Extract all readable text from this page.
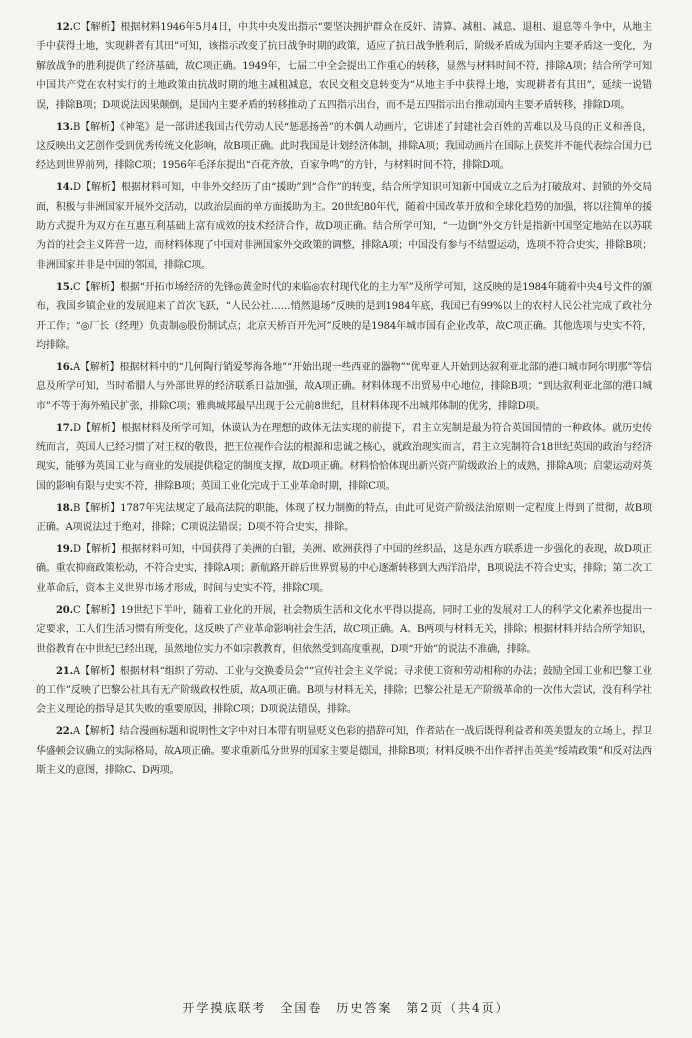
12.C【解析】根据材料1946年5月4日，中共中央发出指示“要坚决拥护群众在反奸、清算、减租、减息、退租、退息等斗争中，从地主手中获得土地，实现耕者有其田”可知，该指示改变了抗日战争时期的政策，适应了抗日战争胜利后，阶级矛盾成为国内主要矛盾这一变化，为解放战争的胜利提供了经济基础，故C项正确。1949年，七届二中全会提出工作重心的转移，显然与材料时间不符，排除A项；结合所学可知中国共产党在农村实行的土地政策由抗战时期的地主减租减息，农民交租交息转变为“从地主手中获得土地，实现耕者有其田”，延续一说错误，排除B项；D项说法因果颠倒，是国内主要矛盾的转移推动了五四指示出台，而不是五四指示出台推动国内主要矛盾转移，排除D项。

13.B【解析】《神笔》是一部讲述我国古代劳动人民“惩恶扬善”的木偶人动画片，它讲述了封建社会百姓的苦难以及马良的正义和善良，这反映出文艺创作受到优秀传统文化影响，故B项正确。此时我国是计划经济体制，排除A项；我国动画片在国际上获奖并不能代表综合国力已经达到世界前列，排除C项；1956年毛泽东提出“百花齐放，百家争鸣”的方针，与材料时间不符，排除D项。

14.D【解析】根据材料可知，中非外交经历了由“援助”到“合作”的转变，结合所学知识可知新中国成立之后为打破敌对、封锁的外交局面，积极与非洲国家开展外交活动，以政治层面的单方面援助为主。20世纪80年代，随着中国改革开放和全球化趋势的加强，将以往简单的援助方式提升为双方在互惠互利基础上富有成效的技术经济合作，故D项正确。结合所学可知，“一边倒”外交方针是指新中国坚定地站在以苏联为首的社会主义阵营一边，而材料体现了中国对非洲国家外交政策的调整，排除A项；中国没有参与不结盟运动，选项不符合史实，排除B项；非洲国家并非是中国的邻国，排除C项。

15.C【解析】根据“开拓市场经济的先锋◎黄金时代的来临◎农村现代化的主力军”及所学可知，这反映的是1984年随着中央4号文件的颁布，我国乡镇企业的发展迎来了首次飞跃，“人民公社……悄然退场”反映的是到1984年底，我国已有99%以上的农村人民公社完成了政社分开工作；“◎厂长（经理）负责制◎股份制试点；北京天桥百开先河”反映的是1984年城市国有企业改革，故C项正确。其他选项与史实不符，均排除。

16.A【解析】根据材料中的“几何陶行销爱琴海各地”“开始出现一些西亚的器物”“优卑亚人开始到达叙利亚北部的港口城市阿尔明那”等信息及所学可知，当时希腊人与外部世界的经济联系日益加强，故A项正确。材料体现不出贸易中心地位，排除B项；“到达叙利亚北部的港口城市”不等于海外殖民扩张，排除C项；雅典城邦最早出现于公元前8世纪，且材料体现不出城邦体制的优劣，排除D项。

17.D【解析】根据材料及所学可知，休谟认为在理想的政体无法实现的前提下，君主立宪制是最为符合英国国情的一种政体。就历史传统而言，英国人已经习惯了对王权的敬畏，把王位视作合法的根源和忠诚之核心，就政治现实而言，君主立宪制符合18世纪英国的政治与经济现实，能够为英国工业与商业的发展提供稳定的制度支撑，故D项正确。材料恰恰体现出新兴资产阶级政治上的成熟，排除A项；启蒙运动对英国的影响有限与史实不符，排除B项；英国工业化完成于工业革命时期，排除C项。

18.B【解析】1787年宪法规定了最高法院的职能，体现了权力制衡的特点，由此可见资产阶级法治原则一定程度上得到了贯彻，故B项正确。A项说法过于绝对，排除；C项说法错误；D项不符合史实，排除。

19.D【解析】根据材料可知，中国获得了美洲的白银，美洲、欧洲获得了中国的丝织品，这是东西方联系进一步强化的表现，故D项正确。重农抑商政策松动，不符合史实，排除A项；新航路开辟后世界贸易的中心逐渐转移到大西洋沿岸，B项说法不符合史实，排除；第二次工业革命后，资本主义世界市场才形成，时间与史实不符，排除C项。

20.C【解析】19世纪下半叶，随着工业化的开展，社会物质生活和文化水平得以提高，同时工业的发展对工人的科学文化素养也提出一定要求，工人们生活习惯有所变化，这反映了产业革命影响社会生活，故C项正确。A、B两项与材料无关，排除；根据材料并结合所学知识，世俗教育在中世纪已经出现，虽然地位实力不如宗教教育，但依然受到高度重视，D项“开始”的说法不准确，排除。

21.A【解析】根据材料“组织了劳动、工业与交换委员会”“宣传社会主义学说；寻求使工资和劳动相称的办法；鼓励全国工业和巴黎工业的工作”反映了巴黎公社具有无产阶级政权性质，故A项正确。B项与材料无关，排除；巴黎公社是无产阶级革命的一次伟大尝试，没有科学社会主义理论的指导是其失败的重要原因，排除C项；D项说法错误，排除。

22.A【解析】结合漫画标题和说明性文字中对日本带有明显贬义色彩的措辞可知，作者站在一战后既得利益者和英美盟友的立场上，捍卫华盛顿会议确立的实际格局，故A项正确。要求重新瓜分世界的国家主要是德国，排除B项；材料反映不出作者抨击英美“绥靖政策”和反对法西斯主义的意图，排除C、D两项。

开学摸底联考　全国卷　历史答案　第2页（共4页）
